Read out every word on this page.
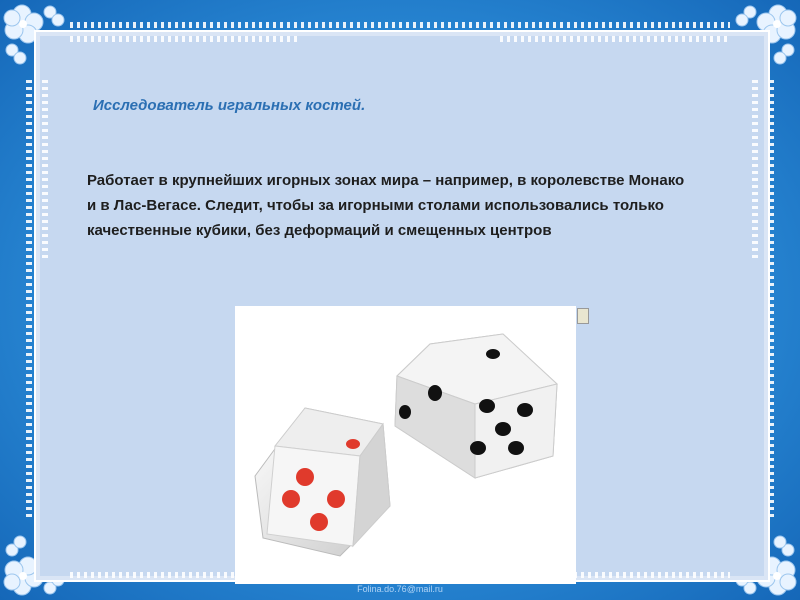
Исследователь игральных костей.

Работает в крупнейших игорных зонах мира – например, в королевстве Монако и в Лас-Вегасе. Следит, чтобы за игорными столами использовались только качественные кубики, без деформаций и смещенных центров

Folina.do.76@mail.ru
